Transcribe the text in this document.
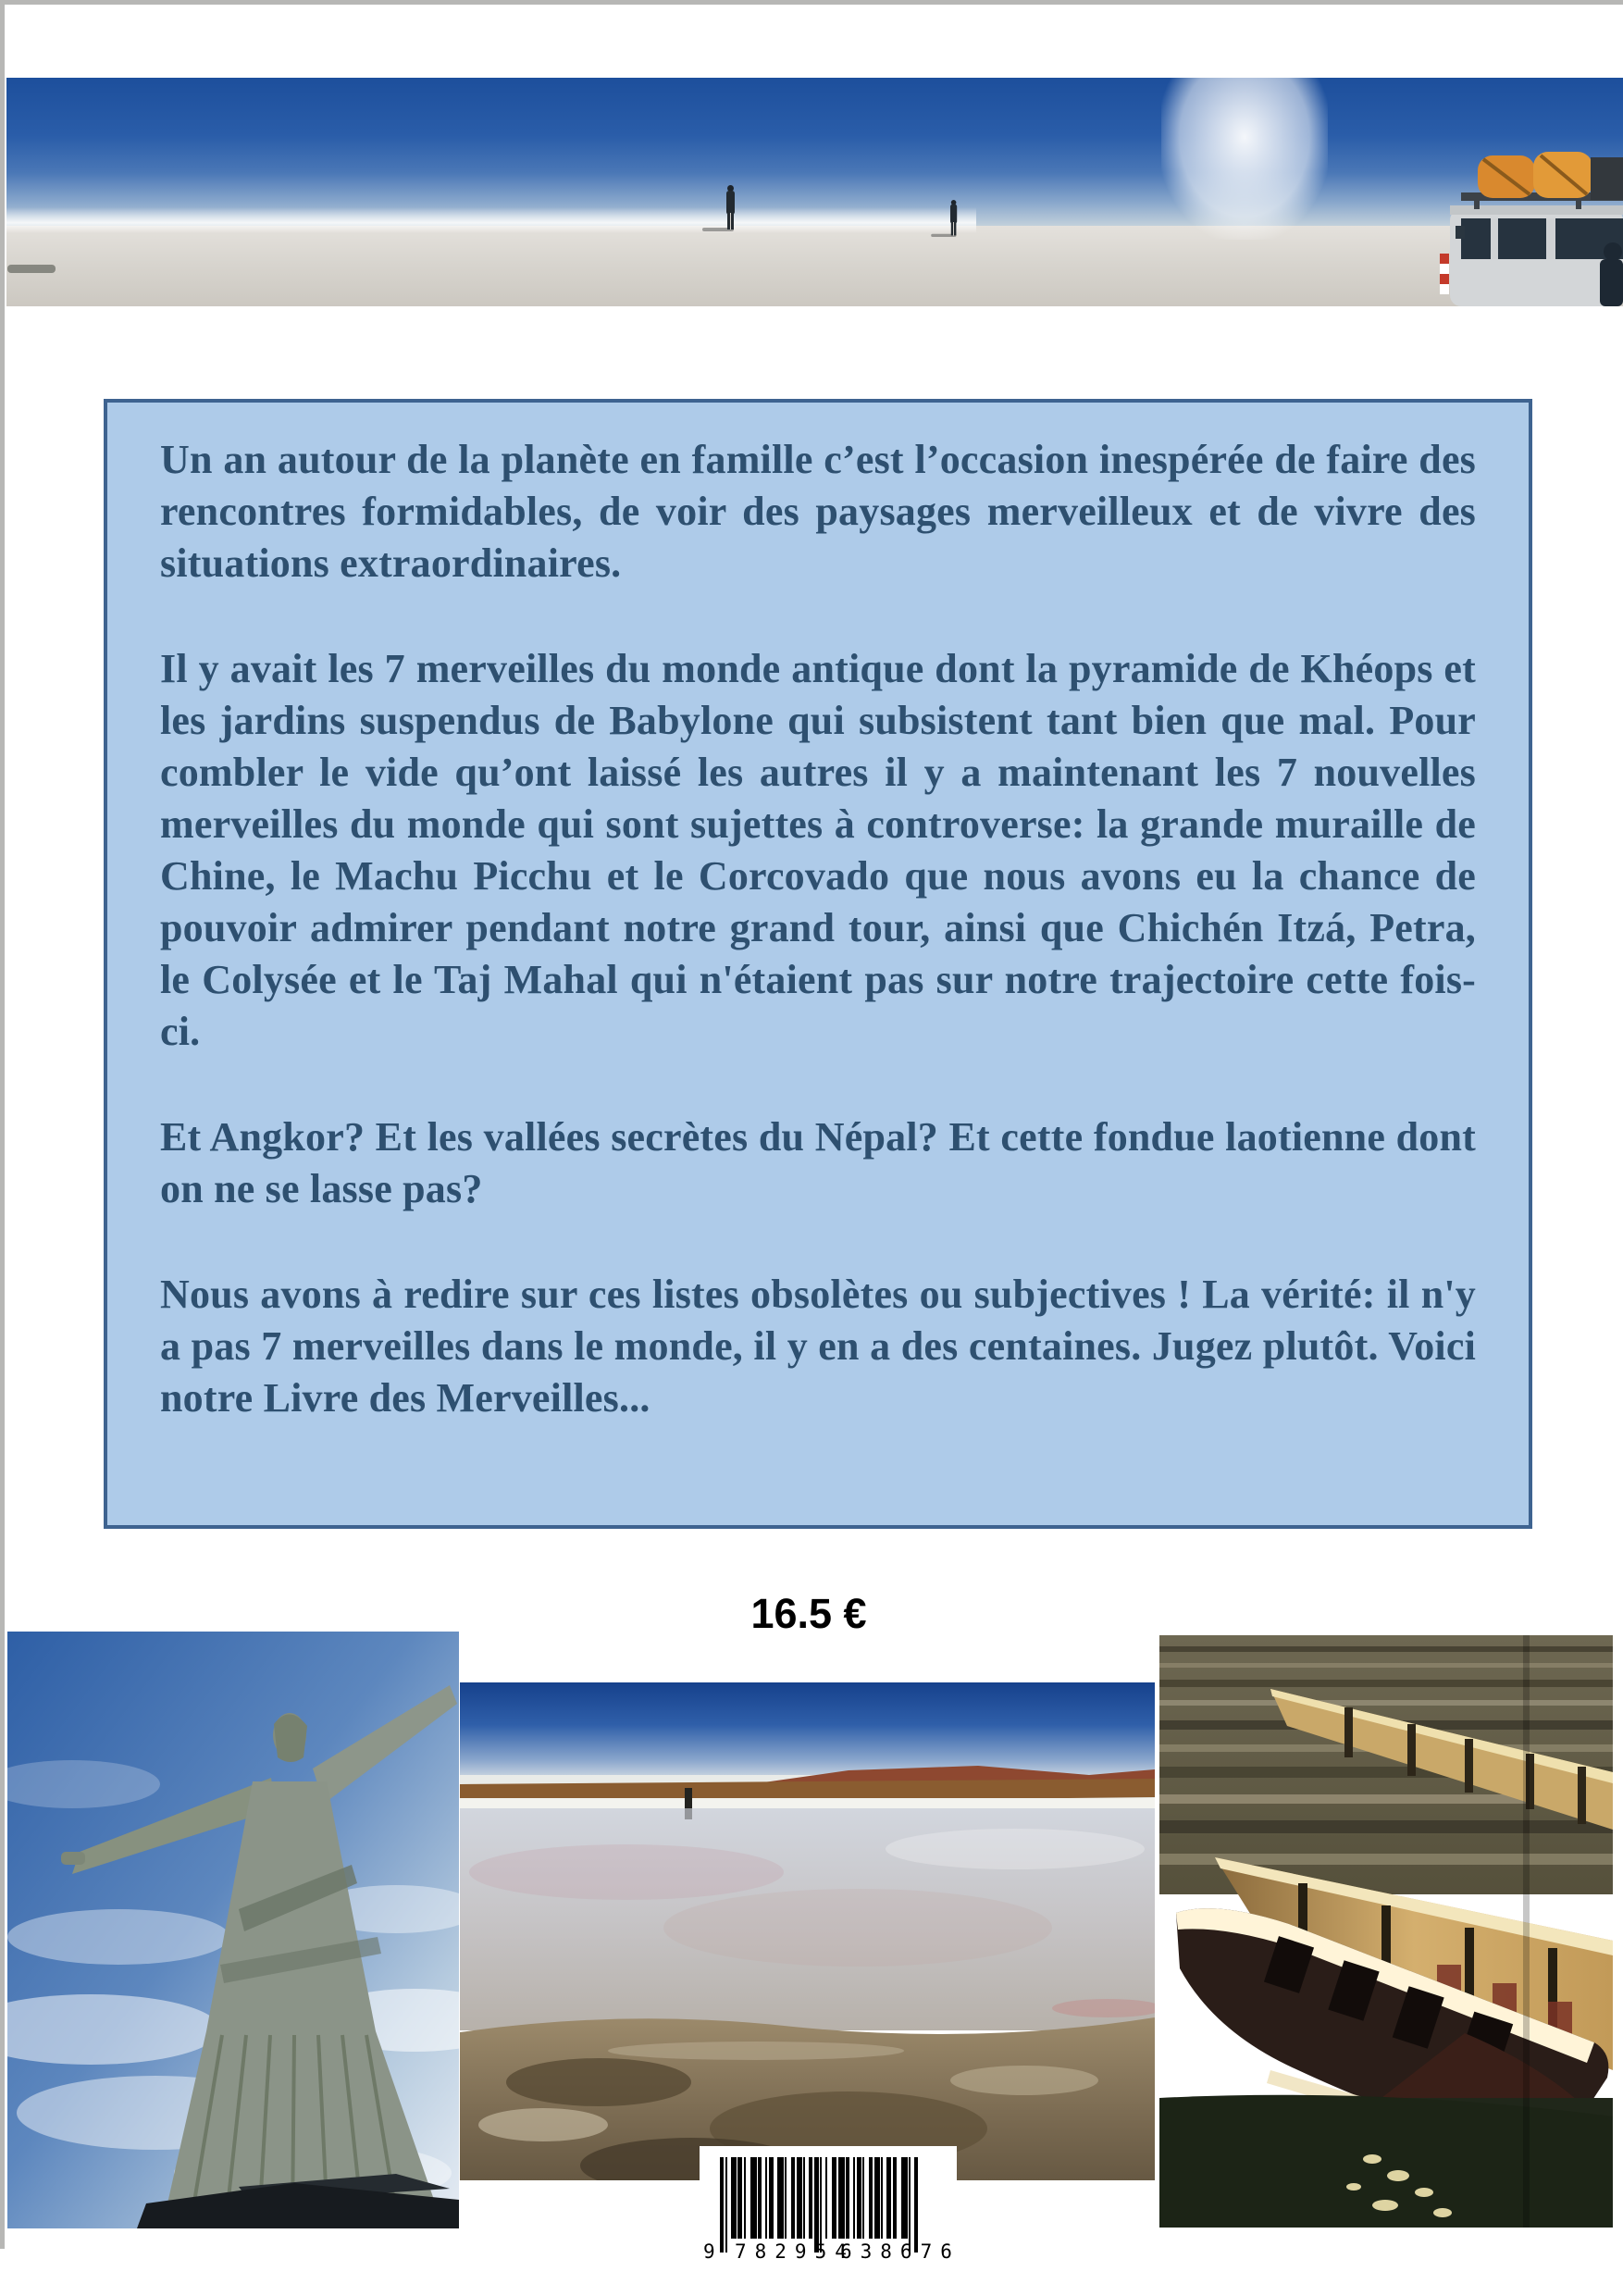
Un an autour de la planète en famille c’est l’occasion inespérée de faire des rencontres formidables, de voir des paysages merveilleux et de vivre des situations extraordinaires.

Il y avait les 7 merveilles du monde antique dont la pyramide de Khéops et les jardins suspendus de Babylone qui subsistent tant bien que mal. Pour combler le vide qu’ont laissé les autres il y a maintenant les 7 nouvelles merveilles du monde qui sont sujettes à controverse: la grande muraille de Chine, le Machu Picchu et le Corcovado que nous avons eu la chance de pouvoir admirer pendant notre grand tour, ainsi que Chichén Itzá, Petra, le Colysée et le Taj Mahal qui n'étaient pas sur notre trajectoire cette fois-ci.

Et Angkor? Et les vallées secrètes du Népal? Et cette fondue laotienne dont on ne se lasse pas?

Nous avons à redire sur ces listes obsolètes ou subjectives ! La vérité: il n'y a pas 7 merveilles dans le monde, il y en a des centaines. Jugez plutôt. Voici notre Livre des Merveilles...

16.5 €
9 782954
638676
